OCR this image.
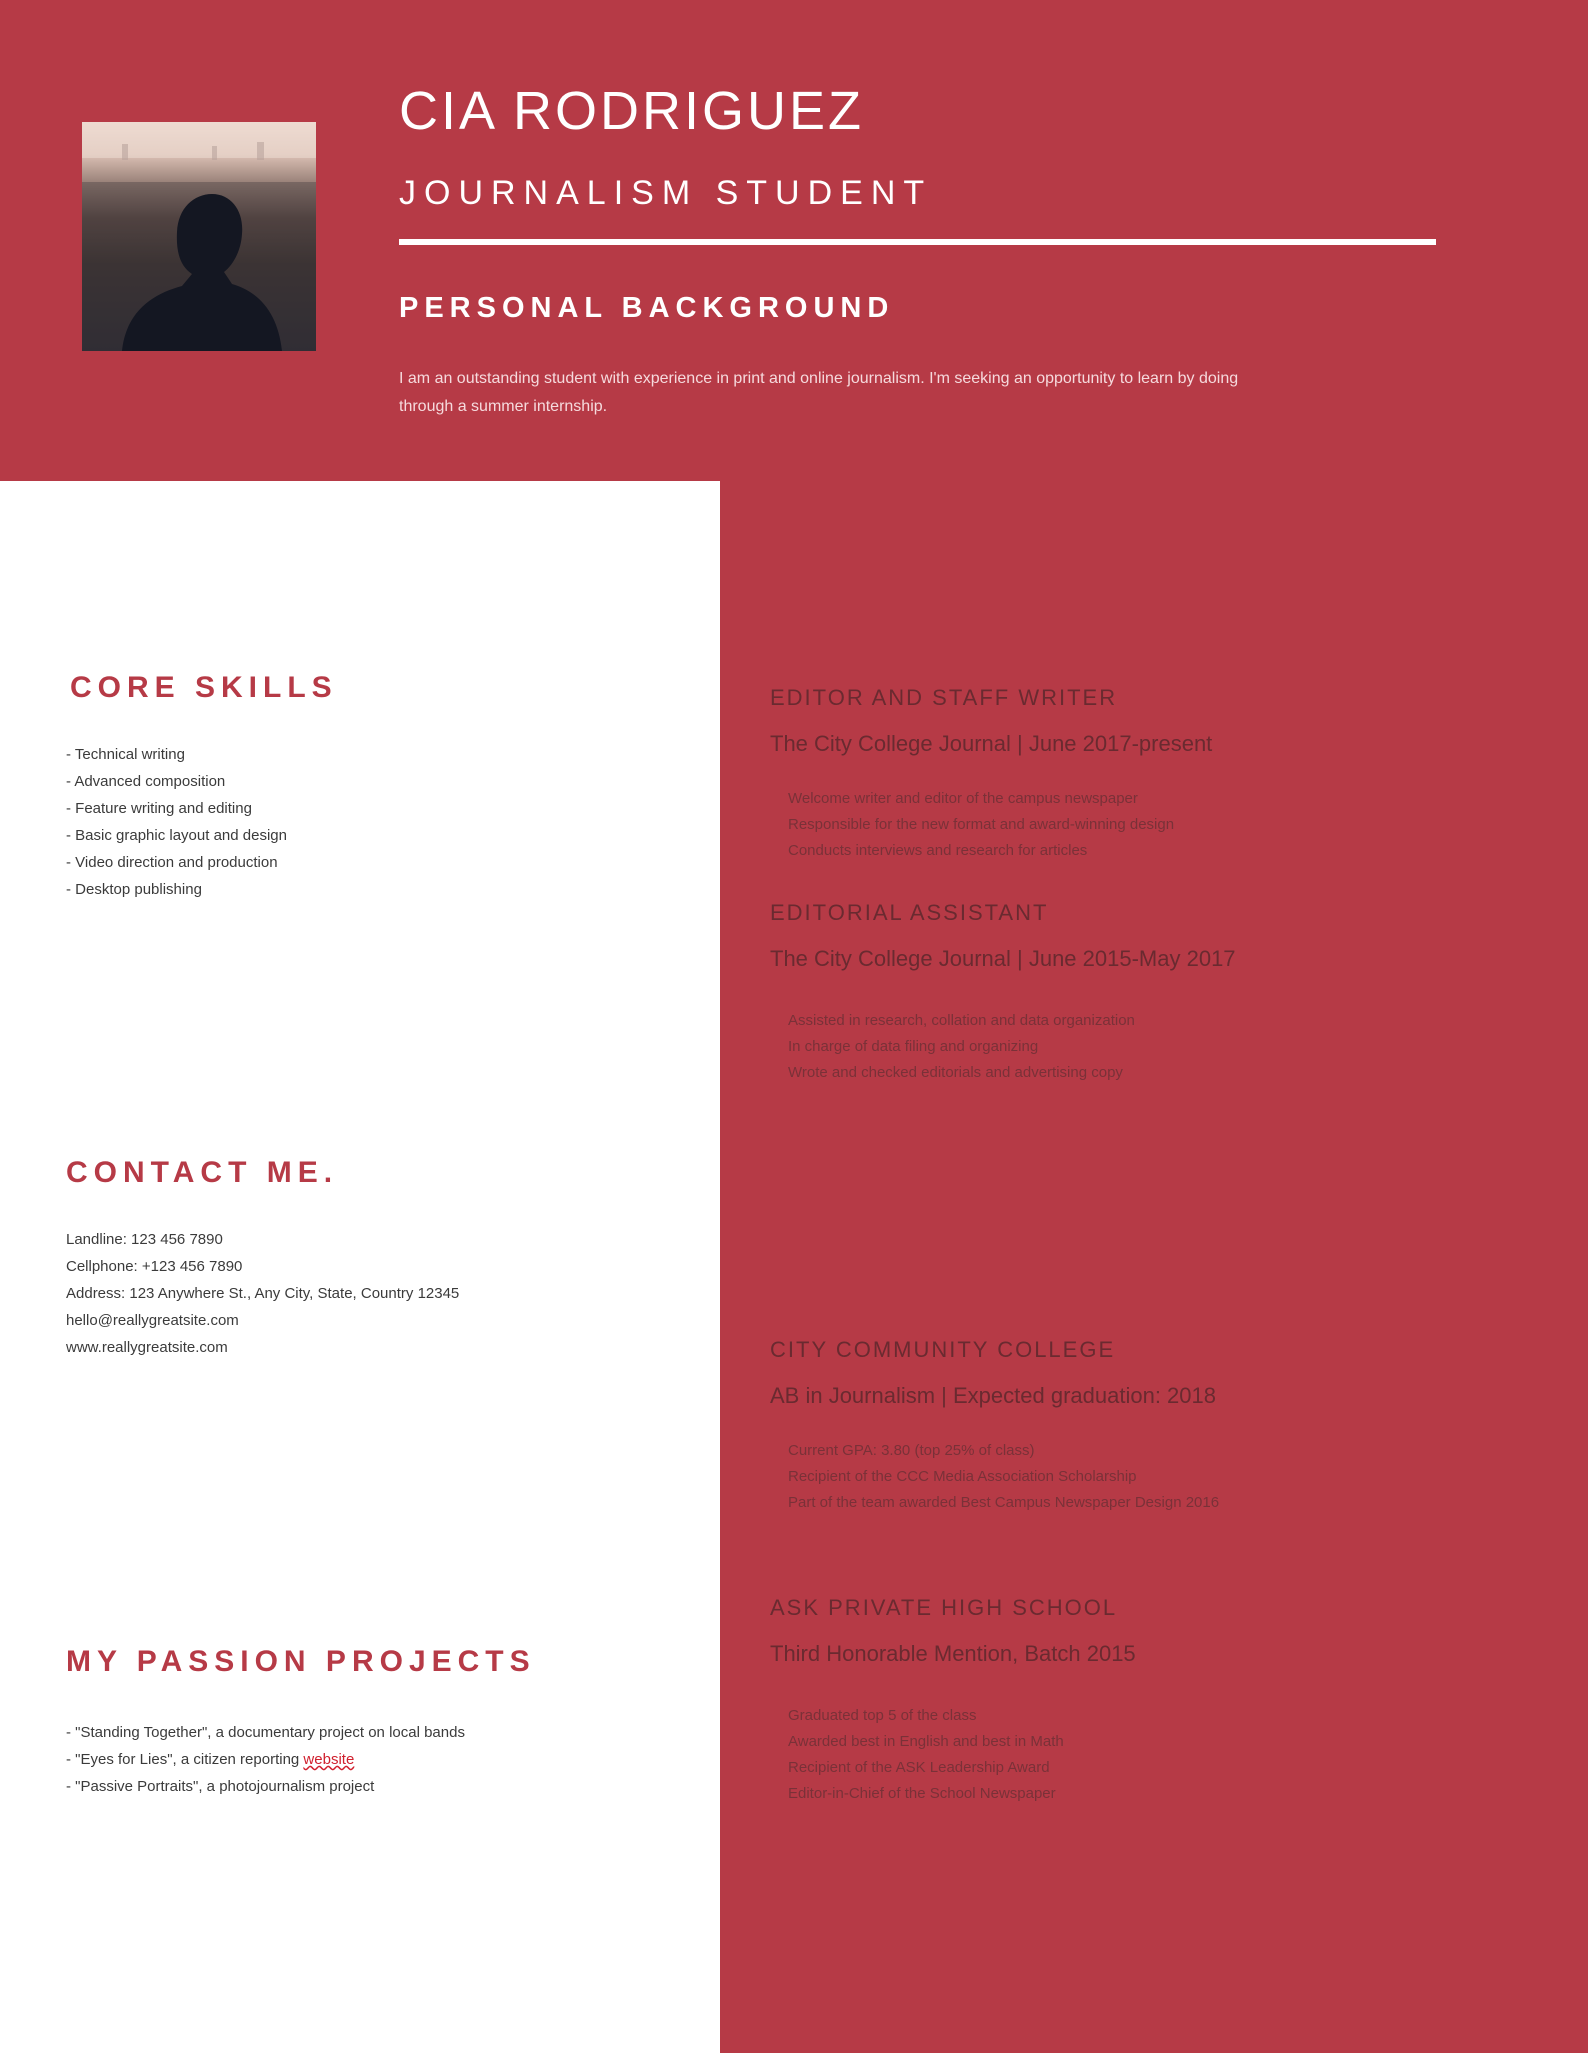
CIA RODRIGUEZ
JOURNALISM STUDENT
PERSONAL BACKGROUND
I am an outstanding student with experience in print and online journalism. I'm seeking an opportunity to learn by doing through a summer internship.
CORE SKILLS
- Technical writing
- Advanced composition
- Feature writing and editing
- Basic graphic layout and design
- Video direction and production
- Desktop publishing
CONTACT ME.
Landline: 123 456 7890
Cellphone: +123 456 7890
Address: 123 Anywhere St., Any City, State, Country 12345
hello@reallygreatsite.com
www.reallygreatsite.com
MY PASSION PROJECTS
- "Standing Together", a documentary project on local bands
- "Eyes for Lies", a citizen reporting website
- "Passive Portraits", a photojournalism project
EDITOR AND STAFF WRITER
The City College Journal | June 2017-present
Welcome writer and editor of the campus newspaper
Responsible for the new format and award-winning design
Conducts interviews and research for articles
EDITORIAL ASSISTANT
The City College Journal | June 2015-May 2017
Assisted in research, collation and data organization
In charge of data filing and organizing
Wrote and checked editorials and advertising copy
CITY COMMUNITY COLLEGE
AB in Journalism | Expected graduation: 2018
Current GPA: 3.80 (top 25% of class)
Recipient of the CCC Media Association Scholarship
Part of the team awarded Best Campus Newspaper Design 2016
ASK PRIVATE HIGH SCHOOL
Third Honorable Mention, Batch 2015
Graduated top 5 of the class
Awarded best in English and best in Math
Recipient of the ASK Leadership Award
Editor-in-Chief of the School Newspaper
